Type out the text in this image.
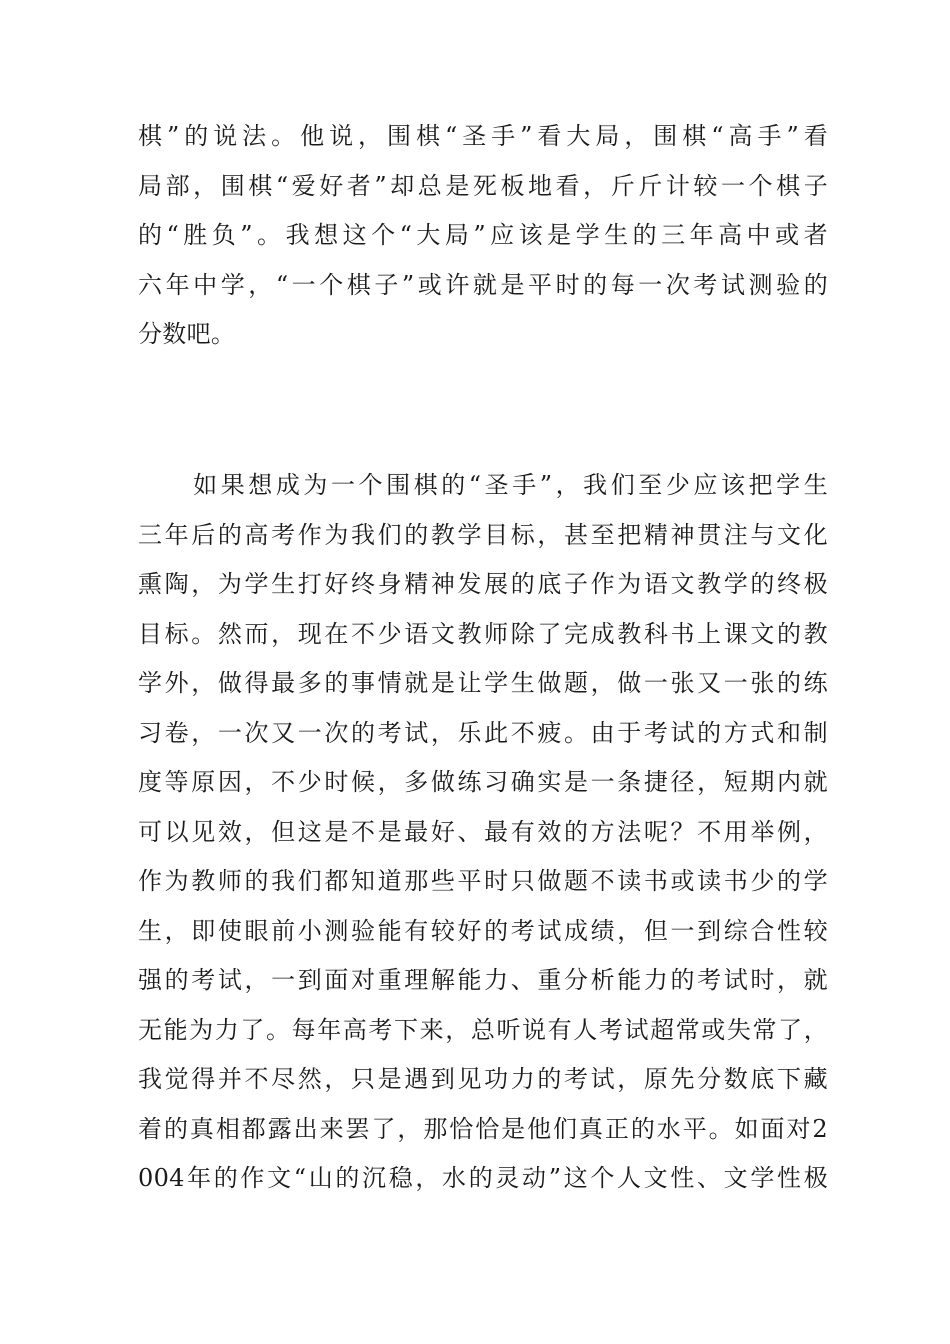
棋”的说法。他说，围棋“圣手”看大局，围棋“高手”看
局部，围棋“爱好者”却总是死板地看，斤斤计较一个棋子
的“胜负”。我想这个“大局”应该是学生的三年高中或者
六年中学，“一个棋子”或许就是平时的每一次考试测验的
分数吧。
　　如果想成为一个围棋的“圣手”，我们至少应该把学生
三年后的高考作为我们的教学目标，甚至把精神贯注与文化
熏陶，为学生打好终身精神发展的底子作为语文教学的终极
目标。然而，现在不少语文教师除了完成教科书上课文的教
学外，做得最多的事情就是让学生做题，做一张又一张的练
习卷，一次又一次的考试，乐此不疲。由于考试的方式和制
度等原因，不少时候，多做练习确实是一条捷径，短期内就
可以见效，但这是不是最好、最有效的方法呢？不用举例，
作为教师的我们都知道那些平时只做题不读书或读书少的学
生，即使眼前小测验能有较好的考试成绩，但一到综合性较
强的考试，一到面对重理解能力、重分析能力的考试时，就
无能为力了。每年高考下来，总听说有人考试超常或失常了，
我觉得并不尽然，只是遇到见功力的考试，原先分数底下藏
着的真相都露出来罢了，那恰恰是他们真正的水平。如面对2
004年的作文“山的沉稳，水的灵动”这个人文性、文学性极
